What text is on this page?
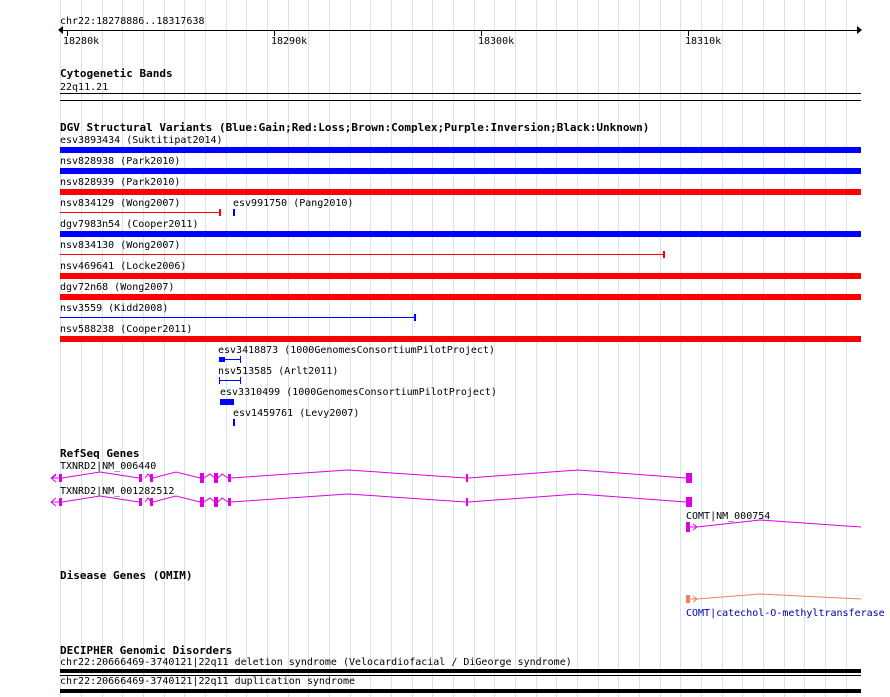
chr22:18278886..18317638
18280k	18290k	18300k	18310k
Cytogenetic Bands
22q11.21
DGV Structural Variants (Blue:Gain;Red:Loss;Brown:Complex;Purple:Inversion;Black:Unknown)
esv3893434 (Suktitipat2014)
nsv828938 (Park2010)
nsv828939 (Park2010)
nsv834129 (Wong2007)	esv991750 (Pang2010)
dgv7983n54 (Cooper2011)
nsv834130 (Wong2007)
nsv469641 (Locke2006)
dgv72n68 (Wong2007)
nsv3559 (Kidd2008)
nsv588238 (Cooper2011)
esv3418873 (1000GenomesConsortiumPilotProject)
nsv513585 (Arlt2011)
esv3310499 (1000GenomesConsortiumPilotProject)
esv1459761 (Levy2007)
RefSeq Genes
TXNRD2|NM_006440
TXNRD2|NM_001282512
COMT|NM_000754
Disease Genes (OMIM)
COMT|catechol-O-methyltransferase
DECIPHER Genomic Disorders
chr22:20666469-3740121|22q11 deletion syndrome (Velocardiofacial / DiGeorge syndrome)
chr22:20666469-3740121|22q11 duplication syndrome
